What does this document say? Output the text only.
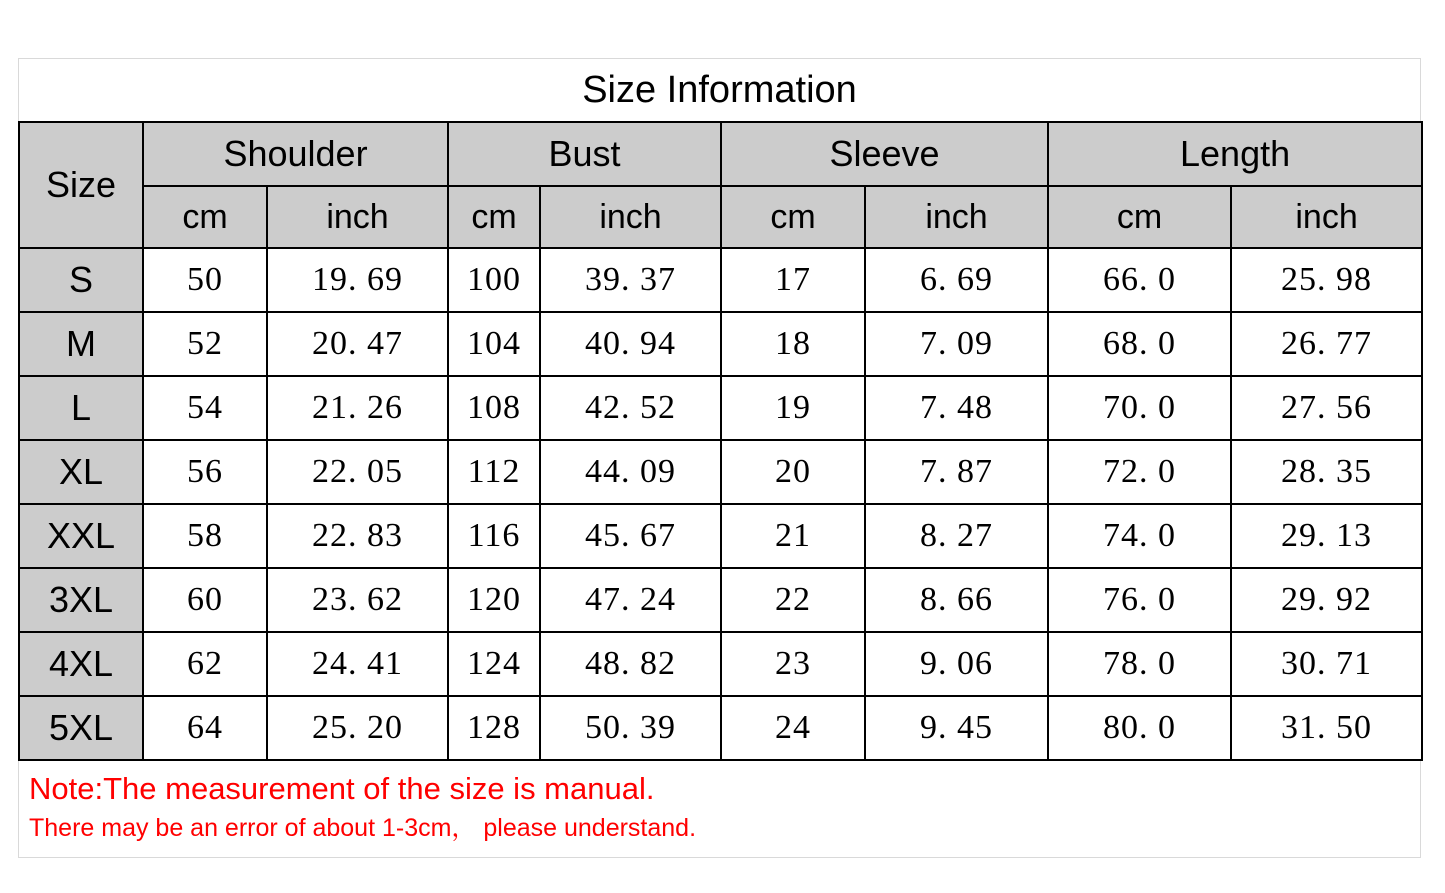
Size Information
Size	Shoulder		Bust		Sleeve		Length	
	cm	inch	cm	inch	cm	inch	cm	inch
S	50	19. 69	100	39. 37	17	6. 69	66. 0	25. 98
M	52	20. 47	104	40. 94	18	7. 09	68. 0	26. 77
L	54	21. 26	108	42. 52	19	7. 48	70. 0	27. 56
XL	56	22. 05	112	44. 09	20	7. 87	72. 0	28. 35
XXL	58	22. 83	116	45. 67	21	8. 27	74. 0	29. 13
3XL	60	23. 62	120	47. 24	22	8. 66	76. 0	29. 92
4XL	62	24. 41	124	48. 82	23	9. 06	78. 0	30. 71
5XL	64	25. 20	128	50. 39	24	9. 45	80. 0	31. 50
Note:The measurement of the size is manual.
There may be an error of about 1-3cm， please understand.
